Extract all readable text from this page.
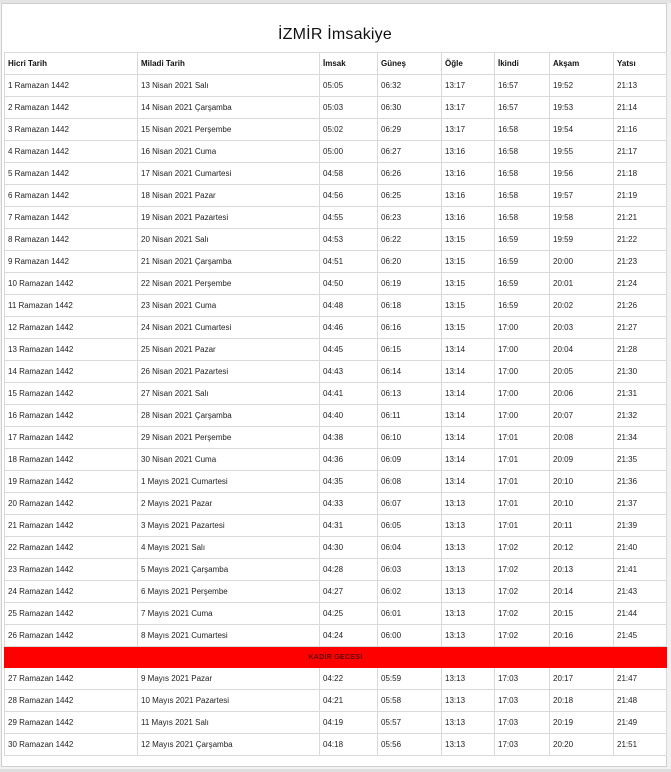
İZMİR İmsakiye
Hicri Tarih	Miladi Tarih	İmsak	Güneş	Öğle	İkindi	Akşam	Yatsı
1 Ramazan 1442	13 Nisan 2021 Salı	05:05	06:32	13:17	16:57	19:52	21:13
2 Ramazan 1442	14 Nisan 2021 Çarşamba	05:03	06:30	13:17	16:57	19:53	21:14
3 Ramazan 1442	15 Nisan 2021 Perşembe	05:02	06:29	13:17	16:58	19:54	21:16
4 Ramazan 1442	16 Nisan 2021 Cuma	05:00	06:27	13:16	16:58	19:55	21:17
5 Ramazan 1442	17 Nisan 2021 Cumartesi	04:58	06:26	13:16	16:58	19:56	21:18
6 Ramazan 1442	18 Nisan 2021 Pazar	04:56	06:25	13:16	16:58	19:57	21:19
7 Ramazan 1442	19 Nisan 2021 Pazartesi	04:55	06:23	13:16	16:58	19:58	21:21
8 Ramazan 1442	20 Nisan 2021 Salı	04:53	06:22	13:15	16:59	19:59	21:22
9 Ramazan 1442	21 Nisan 2021 Çarşamba	04:51	06:20	13:15	16:59	20:00	21:23
10 Ramazan 1442	22 Nisan 2021 Perşembe	04:50	06:19	13:15	16:59	20:01	21:24
11 Ramazan 1442	23 Nisan 2021 Cuma	04:48	06:18	13:15	16:59	20:02	21:26
12 Ramazan 1442	24 Nisan 2021 Cumartesi	04:46	06:16	13:15	17:00	20:03	21:27
13 Ramazan 1442	25 Nisan 2021 Pazar	04:45	06:15	13:14	17:00	20:04	21:28
14 Ramazan 1442	26 Nisan 2021 Pazartesi	04:43	06:14	13:14	17:00	20:05	21:30
15 Ramazan 1442	27 Nisan 2021 Salı	04:41	06:13	13:14	17:00	20:06	21:31
16 Ramazan 1442	28 Nisan 2021 Çarşamba	04:40	06:11	13:14	17:00	20:07	21:32
17 Ramazan 1442	29 Nisan 2021 Perşembe	04:38	06:10	13:14	17:01	20:08	21:34
18 Ramazan 1442	30 Nisan 2021 Cuma	04:36	06:09	13:14	17:01	20:09	21:35
19 Ramazan 1442	1 Mayıs 2021 Cumartesi	04:35	06:08	13:14	17:01	20:10	21:36
20 Ramazan 1442	2 Mayıs 2021 Pazar	04:33	06:07	13:13	17:01	20:10	21:37
21 Ramazan 1442	3 Mayıs 2021 Pazartesi	04:31	06:05	13:13	17:01	20:11	21:39
22 Ramazan 1442	4 Mayıs 2021 Salı	04:30	06:04	13:13	17:02	20:12	21:40
23 Ramazan 1442	5 Mayıs 2021 Çarşamba	04:28	06:03	13:13	17:02	20:13	21:41
24 Ramazan 1442	6 Mayıs 2021 Perşembe	04:27	06:02	13:13	17:02	20:14	21:43
25 Ramazan 1442	7 Mayıs 2021 Cuma	04:25	06:01	13:13	17:02	20:15	21:44
26 Ramazan 1442	8 Mayıs 2021 Cumartesi	04:24	06:00	13:13	17:02	20:16	21:45
KADİR GECESİ							
27 Ramazan 1442	9 Mayıs 2021 Pazar	04:22	05:59	13:13	17:03	20:17	21:47
28 Ramazan 1442	10 Mayıs 2021 Pazartesi	04:21	05:58	13:13	17:03	20:18	21:48
29 Ramazan 1442	11 Mayıs 2021 Salı	04:19	05:57	13:13	17:03	20:19	21:49
30 Ramazan 1442	12 Mayıs 2021 Çarşamba	04:18	05:56	13:13	17:03	20:20	21:51
